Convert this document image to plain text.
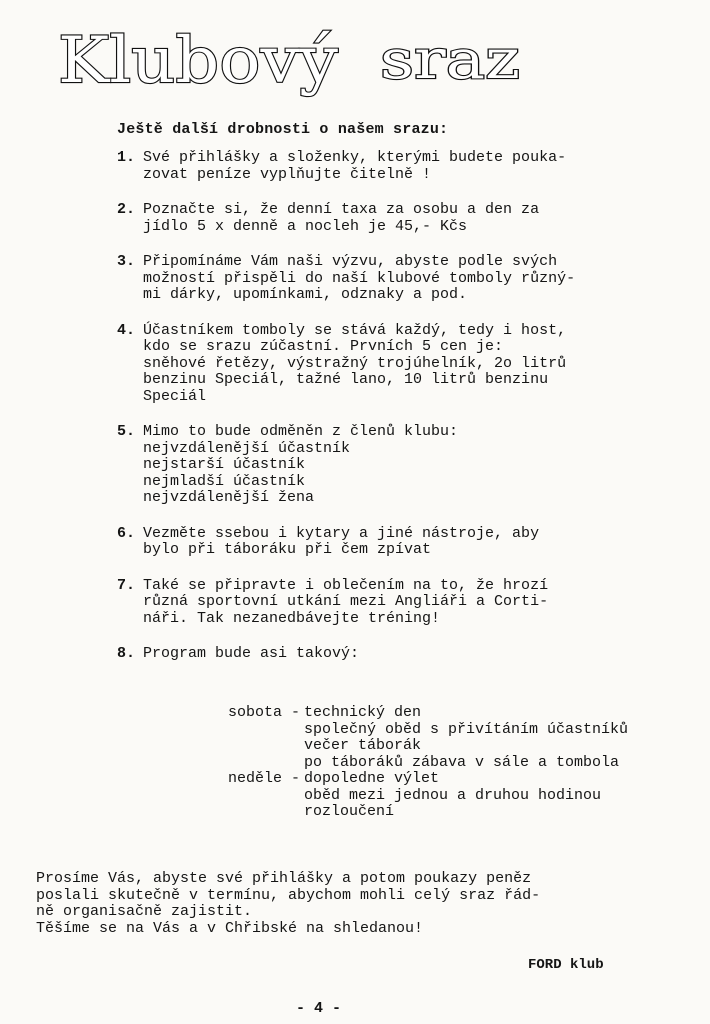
Klubový sraz
Ještě další drobnosti o našem srazu:
1. Své přihlášky a složenky, kterými budete pouka-
zovat peníze vyplňujte čitelně !
2. Poznačte si, že denní taxa za osobu a den za
jídlo 5 x denně a nocleh je 45,- Kčs
3. Připomínáme Vám naši výzvu, abyste podle svých
možností přispěli do naší klubové tomboly různý-
mi dárky, upomínkami, odznaky a pod.
4. Účastníkem tomboly se stává každý, tedy i host,
kdo se srazu zúčastní. Prvních 5 cen je:
sněhové řetězy, výstražný trojúhelník, 2o litrů
benzinu Speciál, tažné lano, 10 litrů benzinu
Speciál
5. Mimo to bude odměněn z členů klubu:
nejvzdálenější účastník
nejstarší účastník
nejmladší účastník
nejvzdálenější žena
6. Vezměte ssebou i kytary a jiné nástroje, aby
bylo při táboráku při čem zpívat
7. Také se připravte i oblečením na to, že hrozí
různá sportovní utkání mezi Angliáři a Corti-
náři. Tak nezanedbávejte tréning!
8. Program bude asi takový:
sobota - technický den
společný oběd s přivítáním účastníků
večer táborák
po táboráků zábava v sále a tombola
neděle - dopoledne výlet
oběd mezi jednou a druhou hodinou
rozloučení
Prosíme Vás, abyste své přihlášky a potom poukazy peněz
poslali skutečně v termínu, abychom mohli celý sraz řád-
ně organisačně zajistit.
Těšíme se na Vás a v Chřibské na shledanou!
FORD klub
- 4 -
